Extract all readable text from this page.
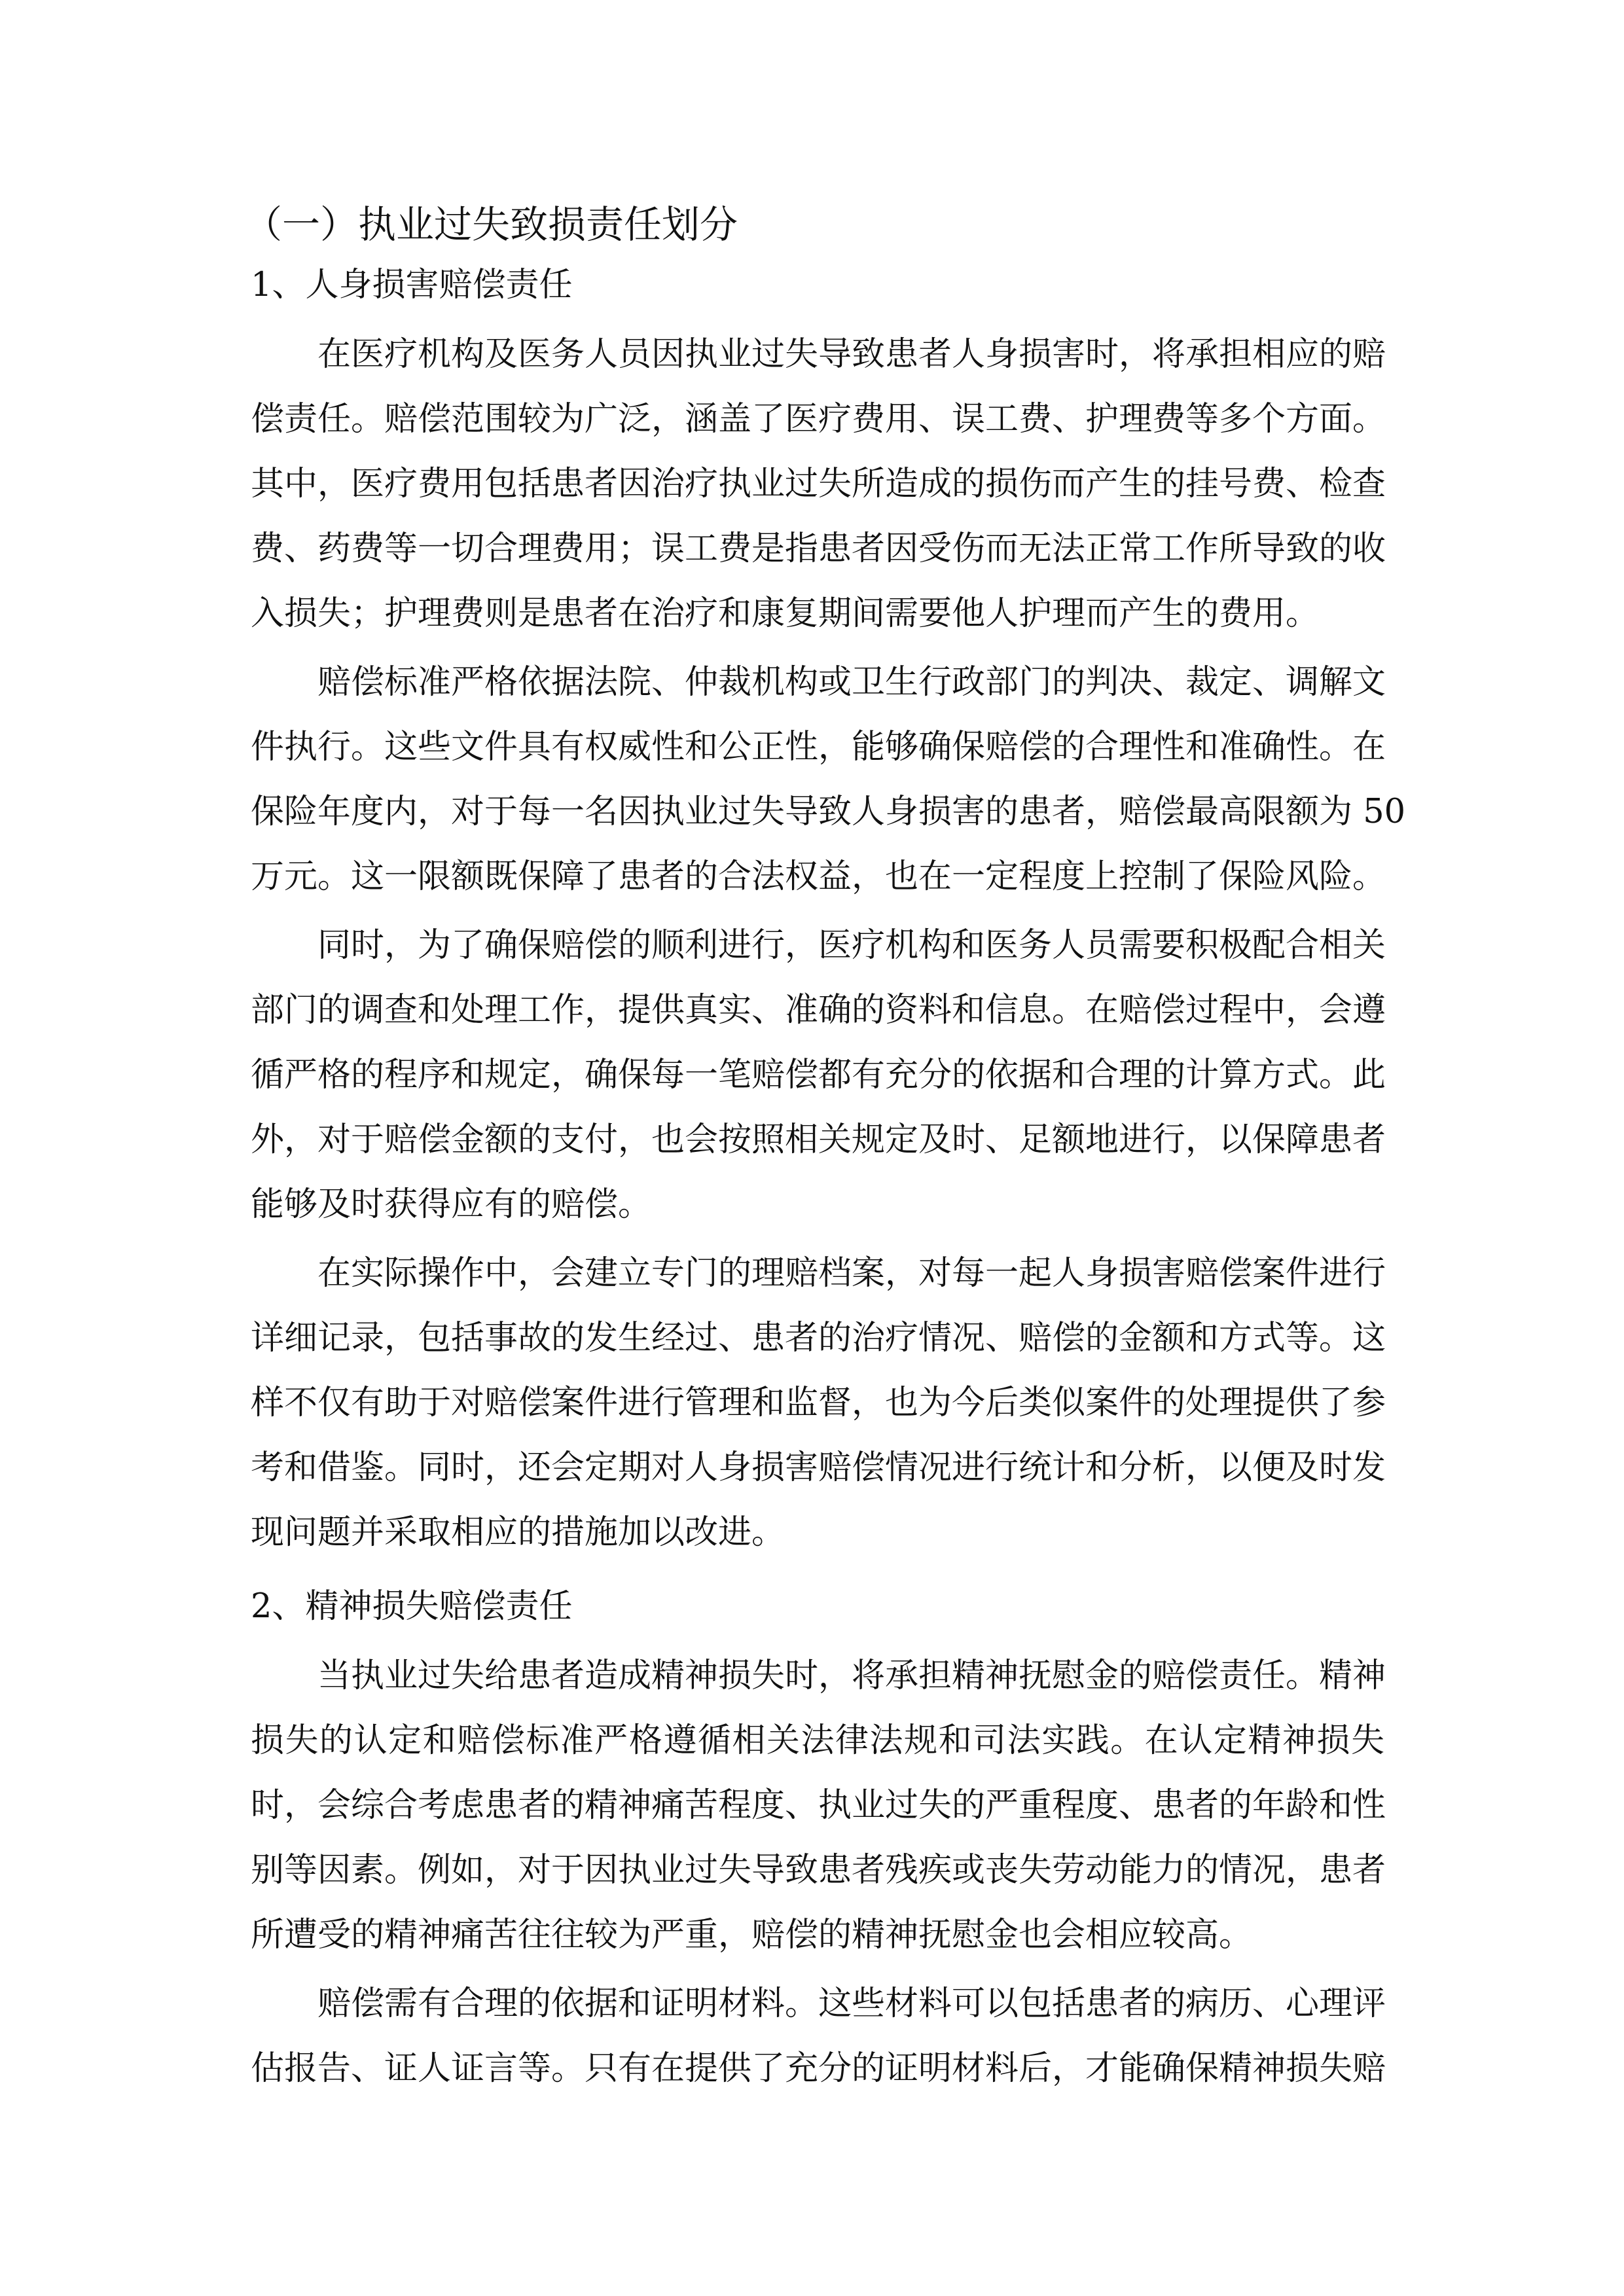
（一）执业过失致损责任划分
1、人身损害赔偿责任
在医疗机构及医务人员因执业过失导致患者人身损害时，将承担相应的赔
偿责任。赔偿范围较为广泛，涵盖了医疗费用、误工费、护理费等多个方面。
其中，医疗费用包括患者因治疗执业过失所造成的损伤而产生的挂号费、检查
费、药费等一切合理费用；误工费是指患者因受伤而无法正常工作所导致的收
入损失；护理费则是患者在治疗和康复期间需要他人护理而产生的费用。
赔偿标准严格依据法院、仲裁机构或卫生行政部门的判决、裁定、调解文
件执行。这些文件具有权威性和公正性，能够确保赔偿的合理性和准确性。在
保险年度内，对于每一名因执业过失导致人身损害的患者，赔偿最高限额为 50
万元。这一限额既保障了患者的合法权益，也在一定程度上控制了保险风险。
同时，为了确保赔偿的顺利进行，医疗机构和医务人员需要积极配合相关
部门的调查和处理工作，提供真实、准确的资料和信息。在赔偿过程中，会遵
循严格的程序和规定，确保每一笔赔偿都有充分的依据和合理的计算方式。此
外，对于赔偿金额的支付，也会按照相关规定及时、足额地进行，以保障患者
能够及时获得应有的赔偿。
在实际操作中，会建立专门的理赔档案，对每一起人身损害赔偿案件进行
详细记录，包括事故的发生经过、患者的治疗情况、赔偿的金额和方式等。这
样不仅有助于对赔偿案件进行管理和监督，也为今后类似案件的处理提供了参
考和借鉴。同时，还会定期对人身损害赔偿情况进行统计和分析，以便及时发
现问题并采取相应的措施加以改进。
2、精神损失赔偿责任
当执业过失给患者造成精神损失时，将承担精神抚慰金的赔偿责任。精神
损失的认定和赔偿标准严格遵循相关法律法规和司法实践。在认定精神损失
时，会综合考虑患者的精神痛苦程度、执业过失的严重程度、患者的年龄和性
别等因素。例如，对于因执业过失导致患者残疾或丧失劳动能力的情况，患者
所遭受的精神痛苦往往较为严重，赔偿的精神抚慰金也会相应较高。
赔偿需有合理的依据和证明材料。这些材料可以包括患者的病历、心理评
估报告、证人证言等。只有在提供了充分的证明材料后，才能确保精神损失赔
